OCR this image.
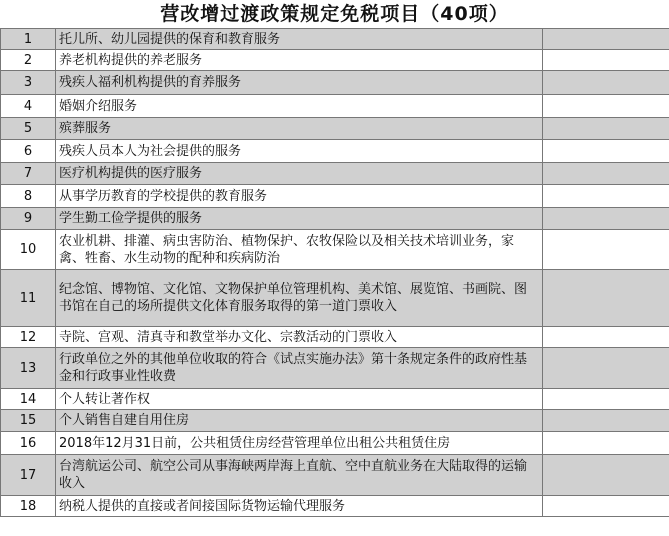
营改增过渡政策规定免税项目（40项）
1	托儿所、幼儿园提供的保育和教育服务	
2	养老机构提供的养老服务	
3	残疾人福利机构提供的育养服务	
4	婚姻介绍服务	
5	殡葬服务	
6	残疾人员本人为社会提供的服务	
7	医疗机构提供的医疗服务	
8	从事学历教育的学校提供的教育服务	
9	学生勤工俭学提供的服务	
10	农业机耕、排灌、病虫害防治、植物保护、农牧保险以及相关技术培训业务，家禽、牲畜、水生动物的配种和疾病防治	
11	纪念馆、博物馆、文化馆、文物保护单位管理机构、美术馆、展览馆、书画院、图书馆在自己的场所提供文化体育服务取得的第一道门票收入	
12	寺院、宫观、清真寺和教堂举办文化、宗教活动的门票收入	
13	行政单位之外的其他单位收取的符合《试点实施办法》第十条规定条件的政府性基金和行政事业性收费	
14	个人转让著作权	
15	个人销售自建自用住房	
16	2018年12月31日前，公共租赁住房经营管理单位出租公共租赁住房	
17	台湾航运公司、航空公司从事海峡两岸海上直航、空中直航业务在大陆取得的运输收入	
18	纳税人提供的直接或者间接国际货物运输代理服务	
